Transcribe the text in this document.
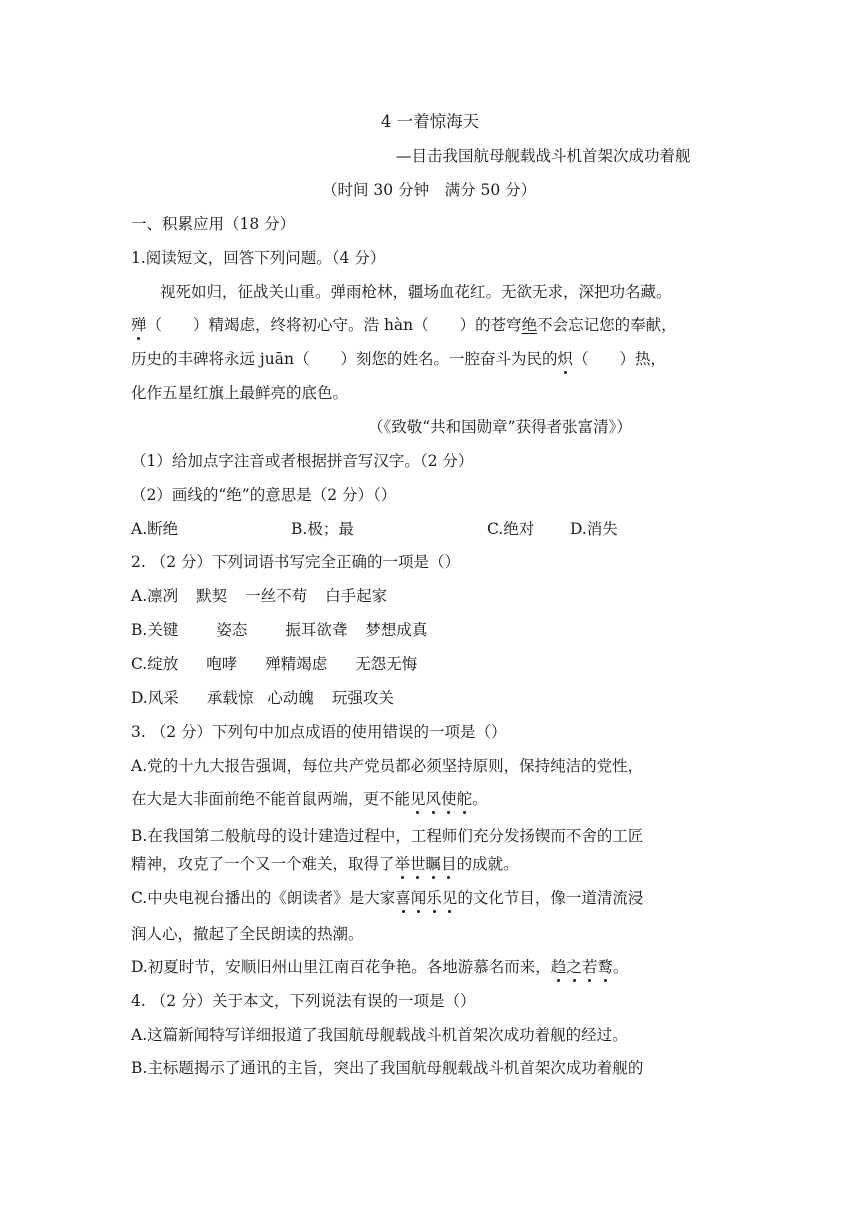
4 一着惊海天
—目击我国航母舰载战斗机首架次成功着舰
（时间 30 分钟　满分 50 分）
一、积累应用（18 分）
1.阅读短文，回答下列问题。（4 分）
视死如归，征战关山重。弹雨枪林，疆场血花红。无欲无求，深把功名藏。
殚（　　）精竭虑，终将初心守。浩 hàn（　　）的苍穹绝不会忘记您的奉献，
历史的丰碑将永远 juān（　　）刻您的姓名。一腔奋斗为民的炽（　　）热，
化作五星红旗上最鲜亮的底色。
（《致敬“共和国勋章”获得者张富清》）
（1）给加点字注音或者根据拼音写汉字。（2 分）
（2）画线的“绝”的意思是（2 分）（）
A.断绝	B.极；最	C.绝对 D.消失
2. （2 分）下列词语书写完全正确的一项是（）
A.凛冽 默契 一丝不苟 白手起家
B.关键 姿态 振耳欲聋 梦想成真
C.绽放 咆哮 殚精竭虑 无怨无悔
D.风采 承载惊 心动魄 玩强攻关
3. （2 分）下列句中加点成语的使用错误的一项是（）
A.党的十九大报告强调，每位共产党员都必须坚持原则，保持纯洁的党性，
在大是大非面前绝不能首鼠两端，更不能见风使舵。
B.在我国第二般航母的设计建造过程中，工程师们充分发扬锲而不舍的工匠
精神，攻克了一个又一个难关，取得了举世瞩目的成就。
C.中央电视台播出的《朗读者》是大家喜闻乐见的文化节目，像一道清流浸
润人心，撤起了全民朗读的热潮。
D.初夏时节，安顺旧州山里江南百花争艳。各地游慕名而来，趋之若鹜。
4. （2 分）关于本文，下列说法有误的一项是（）
A.这篇新闻特写详细报道了我国航母舰载战斗机首架次成功着舰的经过。
B.主标题揭示了通讯的主旨，突出了我国航母舰载战斗机首架次成功着舰的
